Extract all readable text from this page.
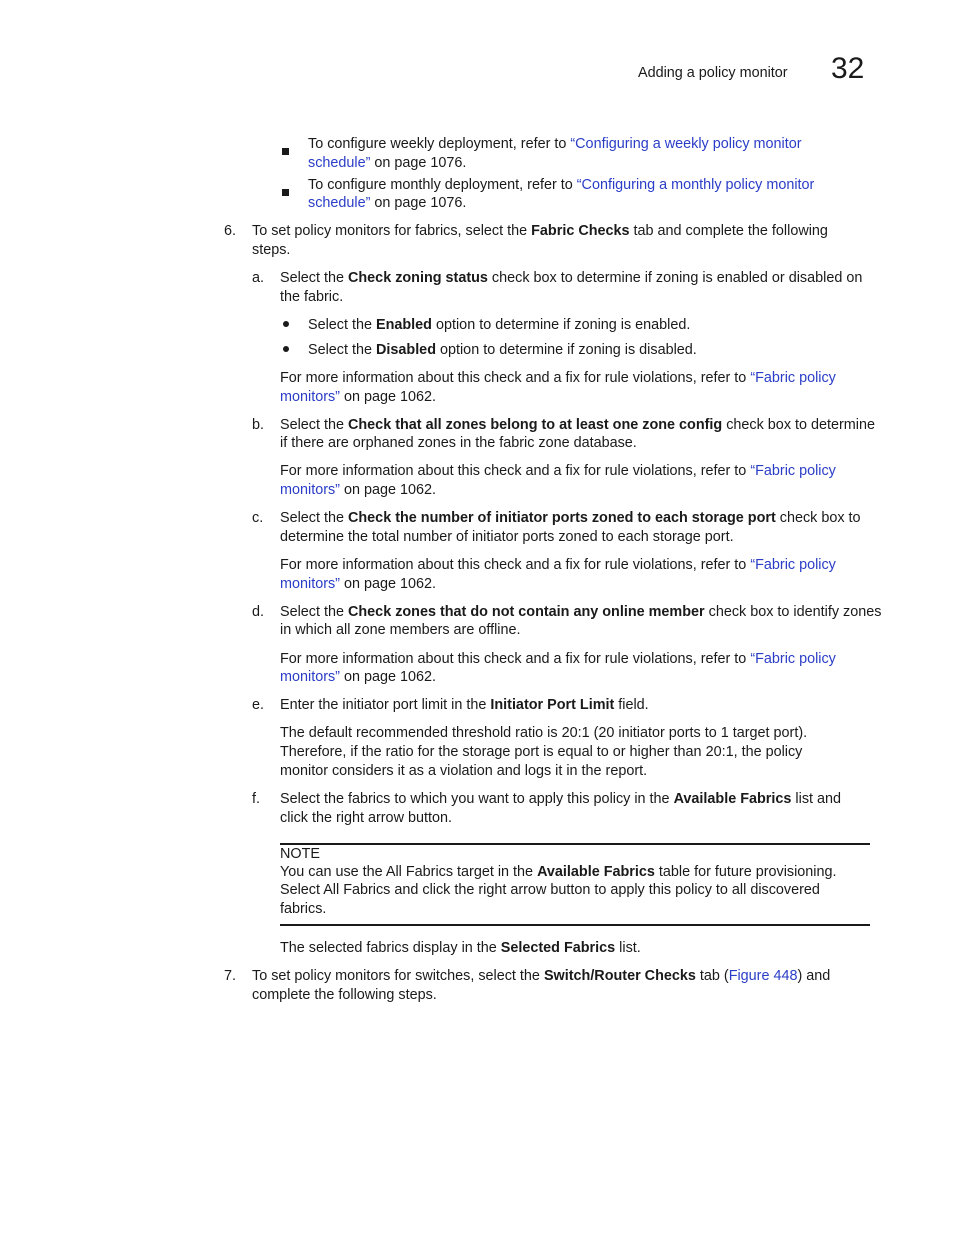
Adding a policy monitor 32
To configure weekly deployment, refer to “Configuring a weekly policy monitor
schedule” on page 1076.
To configure monthly deployment, refer to “Configuring a monthly policy monitor
schedule” on page 1076.
6. To set policy monitors for fabrics, select the Fabric Checks tab and complete the following
steps.
a. Select the Check zoning status check box to determine if zoning is enabled or disabled on
the fabric.
Select the Enabled option to determine if zoning is enabled.
Select the Disabled option to determine if zoning is disabled.
For more information about this check and a fix for rule violations, refer to “Fabric policy
monitors” on page 1062.
b. Select the Check that all zones belong to at least one zone config check box to determine
if there are orphaned zones in the fabric zone database.
For more information about this check and a fix for rule violations, refer to “Fabric policy
monitors” on page 1062.
c. Select the Check the number of initiator ports zoned to each storage port check box to
determine the total number of initiator ports zoned to each storage port.
For more information about this check and a fix for rule violations, refer to “Fabric policy
monitors” on page 1062.
d. Select the Check zones that do not contain any online member check box to identify zones
in which all zone members are offline.
For more information about this check and a fix for rule violations, refer to “Fabric policy
monitors” on page 1062.
e. Enter the initiator port limit in the Initiator Port Limit field.
The default recommended threshold ratio is 20:1 (20 initiator ports to 1 target port).
Therefore, if the ratio for the storage port is equal to or higher than 20:1, the policy
monitor considers it as a violation and logs it in the report.
f. Select the fabrics to which you want to apply this policy in the Available Fabrics list and
click the right arrow button.
NOTE
You can use the All Fabrics target in the Available Fabrics table for future provisioning.
Select All Fabrics and click the right arrow button to apply this policy to all discovered
fabrics.
The selected fabrics display in the Selected Fabrics list.
7. To set policy monitors for switches, select the Switch/Router Checks tab (Figure 448) and
complete the following steps.
